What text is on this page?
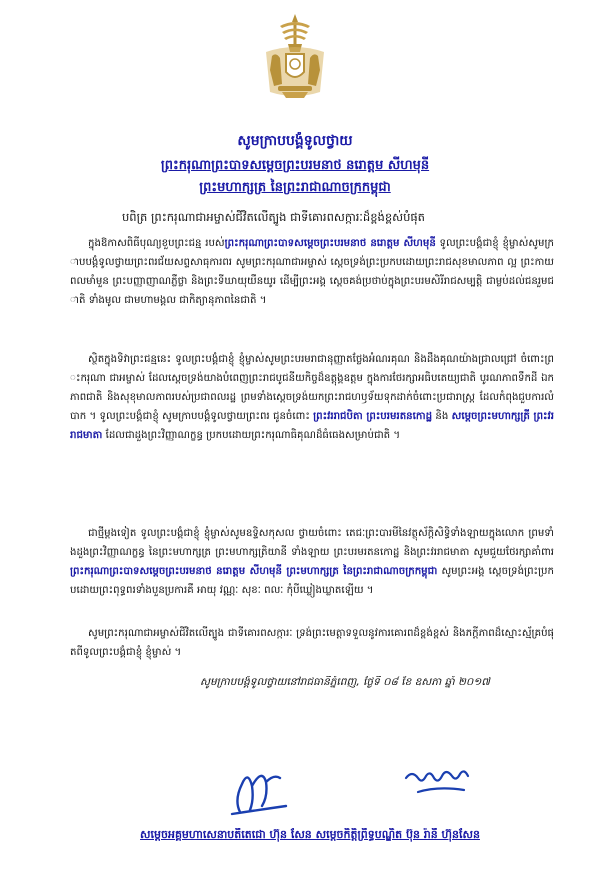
សូមក្រាបបង្គំទូលថ្វាយ
ព្រះករុណាព្រះបាទសម្តេចព្រះបរមនាថ នរោត្តម សីហមុនី
ព្រះមហាក្សត្រ នៃព្រះរាជាណាចក្រកម្ពុជា
បពិត្រ ព្រះករុណាជាអម្ចាស់ជីវិតលើត្បូង ជាទីគោរពសក្ការៈដ៏ខ្ពង់ខ្ពស់បំផុត
ក្នុងឱកាសពិធីបុណ្យខួបព្រះជន្ម របស់ព្រះករុណាព្រះបាទសម្តេចព្រះបរមនាថ នរោត្តម សីហមុនី ទូលព្រះបង្គំជាខ្ញុំ ខ្ញុំម្ចាស់សូមក្រាបបង្គំទូលថ្វាយព្រះពរជ័យសព្ទសាធុការពរ សូមព្រះករុណាជាអម្ចាស់ ស្តេចទ្រង់ព្រះប្រកបដោយព្រះរាជសុខមាលភាព ល្អ ព្រះកាយពលមាំមួន ព្រះបញ្ញាញាណភ្លឺថ្លា និងព្រះទីឃាយុយឺនយូរ ដើម្បីព្រះអង្គ ស្តេចគង់ប្រថាប់ក្នុងព្រះបរមសិរីរាជសម្បត្តិ ជាម្លប់ដល់ជនរួមជាតិ ទាំងមូល ជាមហាមង្គល ជាកិត្យានុភាពនៃជាតិ ។
ស្ថិតក្នុងទិវាព្រះជន្មនេះ ទូលព្រះបង្គំជាខ្ញុំ ខ្ញុំម្ចាស់សូមព្រះបរមរាជានុញ្ញាតថ្លែងអំណរគុណ និងដឹងគុណយ៉ាងជ្រាលជ្រៅ ចំពោះព្រះករុណា ជាអម្ចាស់ ដែលស្តេចទ្រង់យាងបំពេញព្រះរាជបូជនីយកិច្ចដ៏ឧត្តុង្គឧត្តម ក្នុងការថែរក្សាអធិបតេយ្យជាតិ បូរណភាពទឹកដី ឯកភាពជាតិ និងសុខុមាលភាពរបស់ប្រជាពលរដ្ឋ ព្រមទាំងស្តេចទ្រង់យកព្រះរាជហឫទ័យទុកដាក់ចំពោះប្រជារាស្ត្រ ដែលកំពុងជួបការលំបាក ។ ទូលព្រះបង្គំជាខ្ញុំ សូមក្រាបបង្គំទូលថ្វាយព្រះពរ ជូនចំពោះ ព្រះវររាជបិតា ព្រះបរមរតនកោដ្ឋ និង សម្តេចព្រះមហាក្សត្រី ព្រះវររាជមាតា ដែលជាដួងព្រះវិញ្ញាណក្ខន្ធ ប្រកបដោយព្រះករុណាធិគុណដ៏ធំធេងសម្រាប់ជាតិ ។
ជាថ្មីម្តងទៀត ទូលព្រះបង្គំជាខ្ញុំ ខ្ញុំម្ចាស់សូមឧទ្ទិសកុសល ថ្វាយចំពោះ តេជៈព្រះបារមីនៃវត្ថុស័ក្តិសិទ្ធិទាំងឡាយក្នុងលោក ព្រមទាំងដួងព្រះវិញ្ញាណក្ខន្ធ នៃព្រះមហាក្សត្រ ព្រះមហាក្សត្រិយានី ទាំងឡាយ ព្រះបរមរតនកោដ្ឋ និងព្រះវររាជមាតា សូមជួយថែរក្សាគាំពារ ព្រះករុណាព្រះបាទសម្តេចព្រះបរមនាថ នរោត្តម សីហមុនី ព្រះមហាក្សត្រ នៃព្រះរាជាណាចក្រកម្ពុជា សូមព្រះអង្គ ស្តេចទ្រង់ព្រះប្រកបដោយព្រះពុទ្ធពរទាំងបួនប្រការគឺ អាយុ វណ្ណៈ សុខៈ ពលៈ កុំបីឃ្លៀងឃ្លាតឡើយ ។
សូមព្រះករុណាជាអម្ចាស់ជីវិតលើត្បូង ជាទីគោរពសក្ការៈ ទ្រង់ព្រះមេត្តាទទួលនូវការគោរពដ៏ខ្ពង់ខ្ពស់ និងភក្ដីភាពដ៏ស្មោះស្ម័គ្របំផុតពីទូលព្រះបង្គំជាខ្ញុំ ខ្ញុំម្ចាស់ ។
សូមក្រាបបង្គំទូលថ្វាយនៅរាជធានីភ្នំពេញ, ថ្ងៃទី ០៨ ខែ ឧសភា ឆ្នាំ ២០១៧
សម្តេចអគ្គមហាសេនាបតីតេជោ ហ៊ុន សែន សម្តេចកិត្តិព្រឹទ្ធបណ្ឌិត ប៊ុន រ៉ានី ហ៊ុនសែន
